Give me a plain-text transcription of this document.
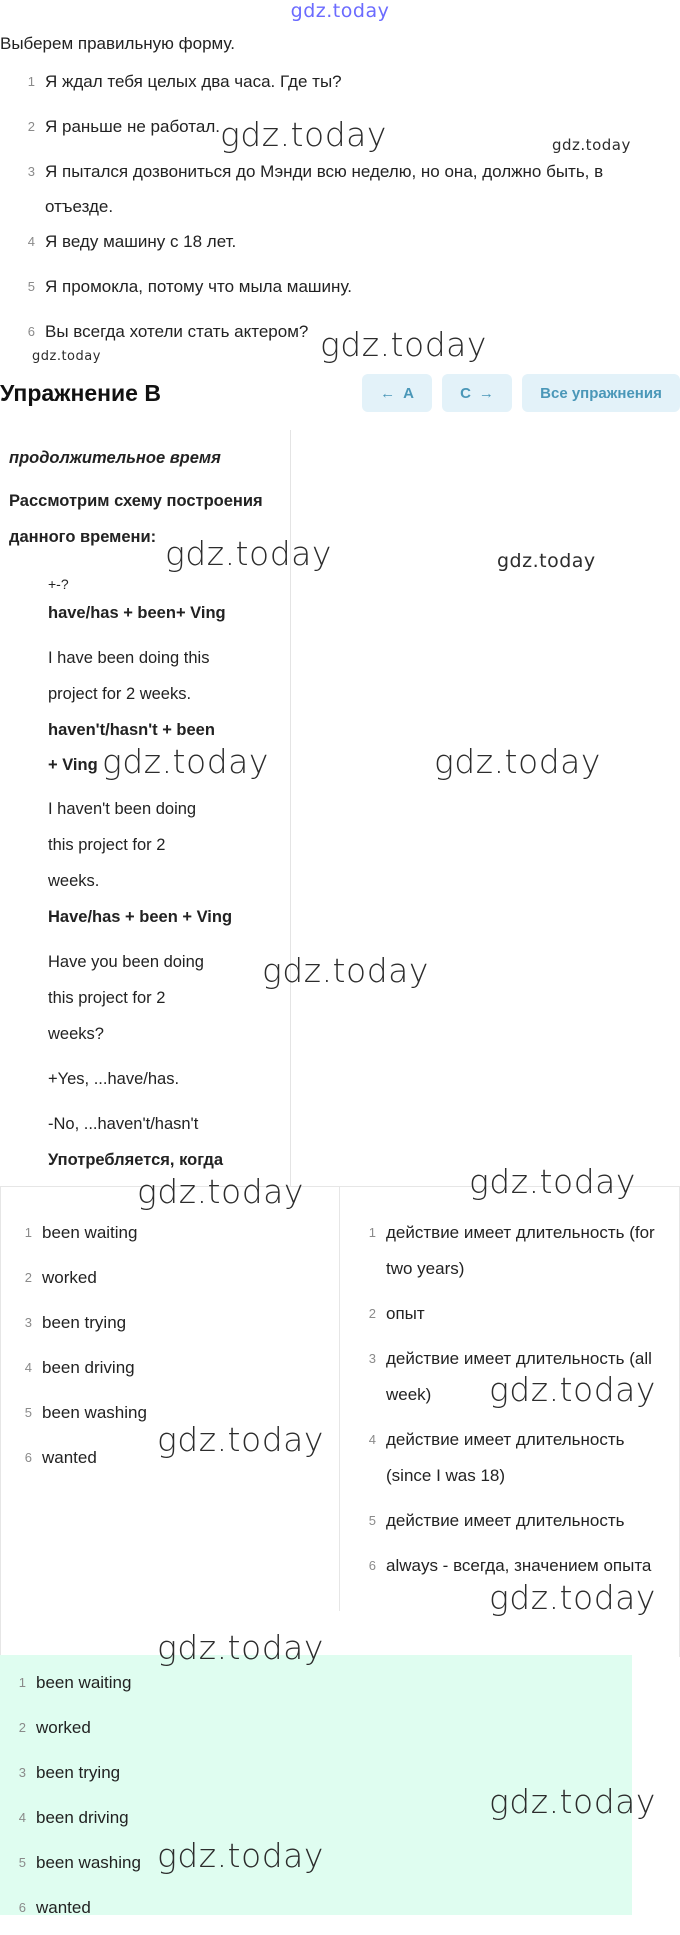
gdz.today
Выберем правильную форму.
1 Я ждал тебя целых два часа. Где ты?
2 Я раньше не работал.
3 Я пытался дозвониться до Мэнди всю неделю, но она, должно быть, в отъезде.
4 Я веду машину с 18 лет.
5 Я промокла, потому что мыла машину.
6 Вы всегда хотели стать актером?
Упражнение B	← A	C →	Все упражнения
продолжительное время
Рассмотрим схему построения
данного времени:
+-?
have/has + been+ Ving
I have been doing this
project for 2 weeks.
haven't/hasn't + been
+ Ving
I haven't been doing
this project for 2
weeks.
Have/has + been + Ving
Have you been doing
this project for 2
weeks?
+Yes, ...have/has.
-No, ...haven't/hasn't
Употребляется, когда
1 been waiting
2 worked
3 been trying
4 been driving
5 been washing
6 wanted
1 действие имеет длительность (for two years)
2 опыт
3 действие имеет длительность (all week)
4 действие имеет длительность (since I was 18)
5 действие имеет длительность
6 always - всегда, значением опыта
1 been waiting
2 worked
3 been trying
4 been driving
5 been washing
6 wanted
gdz.today	gdz.today
gdz.today
gdz.today
gdz.today	gdz.today
gdz.today	gdz.today
gdz.today
gdz.today	gdz.today
gdz.today
gdz.today
gdz.today
gdz.today
gdz.today
gdz.today
